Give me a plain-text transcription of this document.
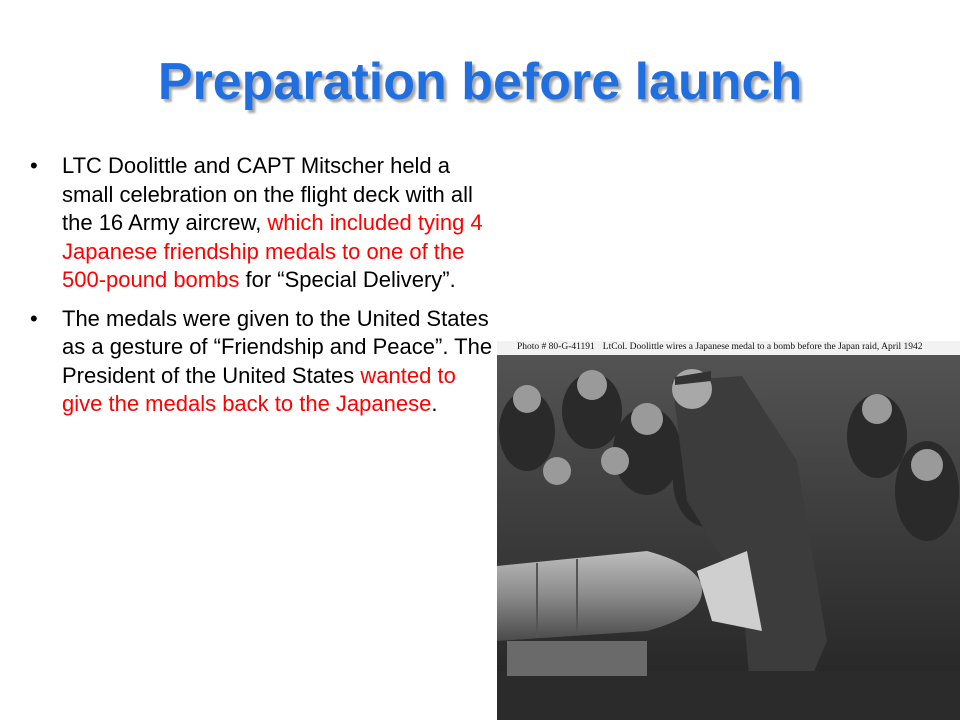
Preparation before launch
• LTC Doolittle and CAPT Mitscher held a small celebration on the flight deck with all the 16 Army aircrew, which included tying 4 Japanese friendship medals to one of the 500-pound bombs for “Special Delivery”.
• The medals were given to the United States as a gesture of “Friendship and Peace”. The President of the United States wanted to give the medals back to the Japanese.
Photo # 80-G-41191 LtCol. Doolittle wires a Japanese medal to a bomb before the Japan raid, April 1942
